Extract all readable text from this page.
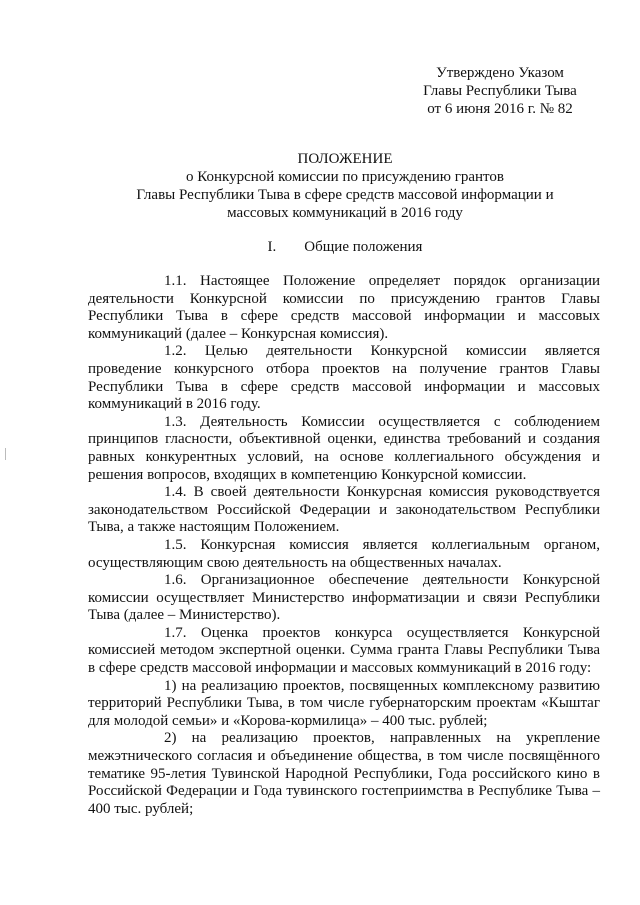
Утверждено Указом
Главы Республики Тыва
от 6 июня 2016 г. № 82
ПОЛОЖЕНИЕ
о Конкурсной комиссии по присуждению грантов
Главы Республики Тыва в сфере средств массовой информации и
массовых коммуникаций в 2016 году
I. Общие положения

1.1. Настоящее Положение определяет порядок организации деятельности Конкурсной комиссии по присуждению грантов Главы Республики Тыва в сфере средств массовой информации и массовых коммуникаций (далее – Конкурсная комиссия).

1.2. Целью деятельности Конкурсной комиссии является проведение конкурсного отбора проектов на получение грантов Главы Республики Тыва в сфере средств массовой информации и массовых коммуникаций в 2016 году.

1.3. Деятельность Комиссии осуществляется с соблюдением принципов гласности, объективной оценки, единства требований и создания равных конкурентных условий, на основе коллегиального обсуждения и решения вопросов, входящих в компетенцию Конкурсной комиссии.

1.4. В своей деятельности Конкурсная комиссия руководствуется законодательством Российской Федерации и законодательством Республики Тыва, а также настоящим Положением.

1.5. Конкурсная комиссия является коллегиальным органом, осуществляющим свою деятельность на общественных началах.

1.6. Организационное обеспечение деятельности Конкурсной комиссии осуществляет Министерство информатизации и связи Республики Тыва (далее – Министерство).

1.7. Оценка проектов конкурса осуществляется Конкурсной комиссией методом экспертной оценки. Сумма гранта Главы Республики Тыва в сфере средств массовой информации и массовых коммуникаций в 2016 году:

1) на реализацию проектов, посвященных комплексному развитию территорий Республики Тыва, в том числе губернаторским проектам «Кыштаг для молодой семьи» и «Корова-кормилица» – 400 тыс. рублей;

2) на реализацию проектов, направленных на укрепление межэтнического согласия и объединение общества, в том числе посвящённого тематике 95-летия Тувинской Народной Республики, Года российского кино в Российской Федерации и Года тувинского гостеприимства в Республике Тыва – 400 тыс. рублей;
